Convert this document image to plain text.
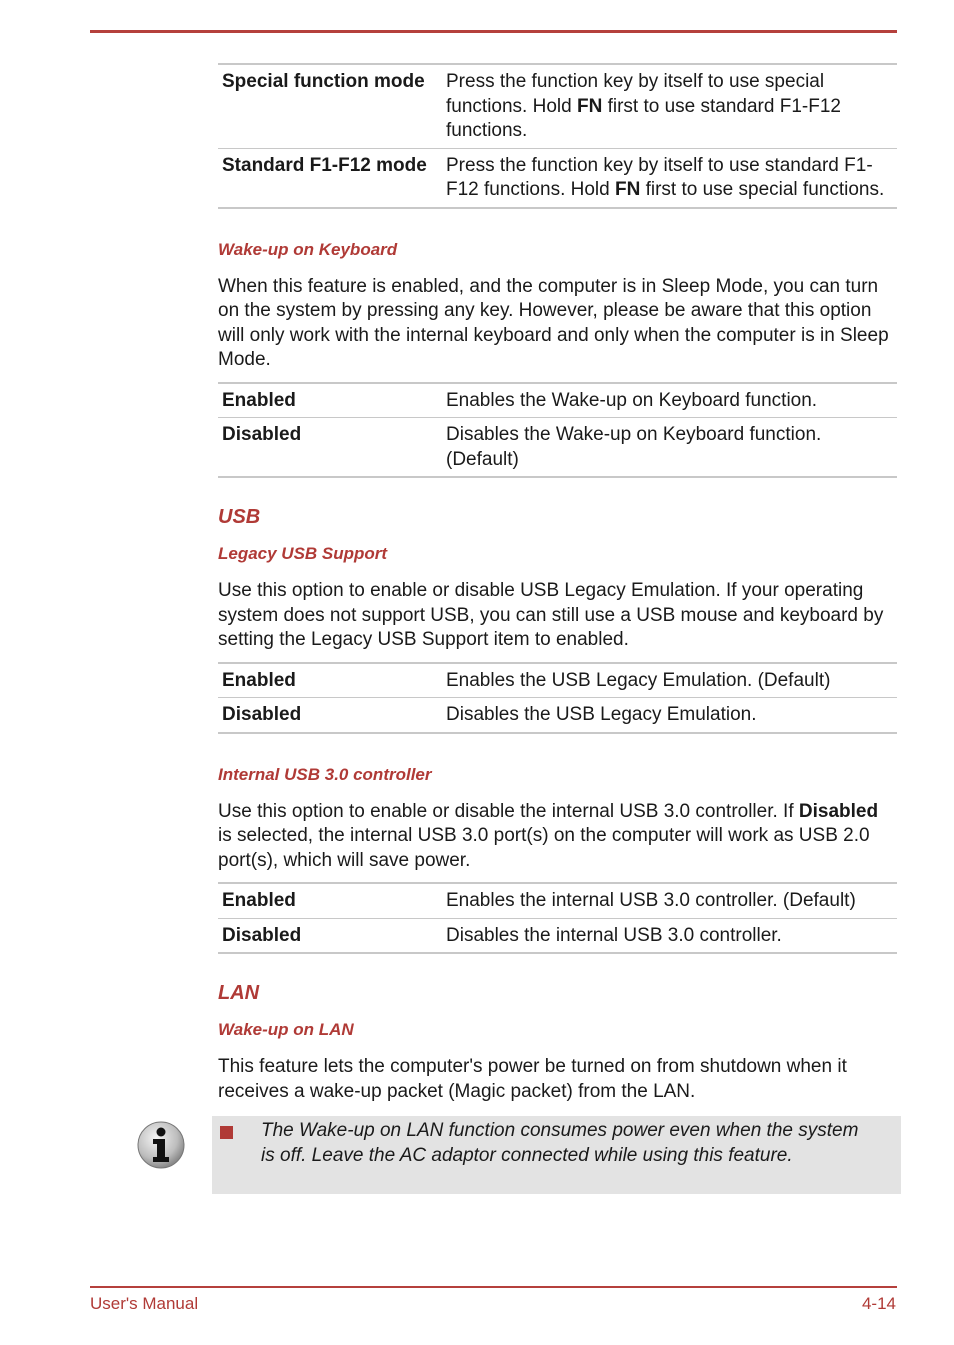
Special function mode	Press the function key by itself to use special functions. Hold FN first to use standard F1-F12 functions.
Standard F1-F12 mode	Press the function key by itself to use standard F1-F12 functions. Hold FN first to use special functions.
Wake-up on Keyboard

When this feature is enabled, and the computer is in Sleep Mode, you can turn on the system by pressing any key. However, please be aware that this option will only work with the internal keyboard and only when the computer is in Sleep Mode.

Enabled	Enables the Wake-up on Keyboard function.
Disabled	Disables the Wake-up on Keyboard function. (Default)
USB
Legacy USB Support

Use this option to enable or disable USB Legacy Emulation. If your operating system does not support USB, you can still use a USB mouse and keyboard by setting the Legacy USB Support item to enabled.

Enabled	Enables the USB Legacy Emulation. (Default)
Disabled	Disables the USB Legacy Emulation.
Internal USB 3.0 controller

Use this option to enable or disable the internal USB 3.0 controller. If Disabled is selected, the internal USB 3.0 port(s) on the computer will work as USB 2.0 port(s), which will save power.

Enabled	Enables the internal USB 3.0 controller. (Default)
Disabled	Disables the internal USB 3.0 controller.
LAN
Wake-up on LAN

This feature lets the computer's power be turned on from shutdown when it receives a wake-up packet (Magic packet) from the LAN.

The Wake-up on LAN function consumes power even when the system is off. Leave the AC adaptor connected while using this feature.
User's Manual	4-14
